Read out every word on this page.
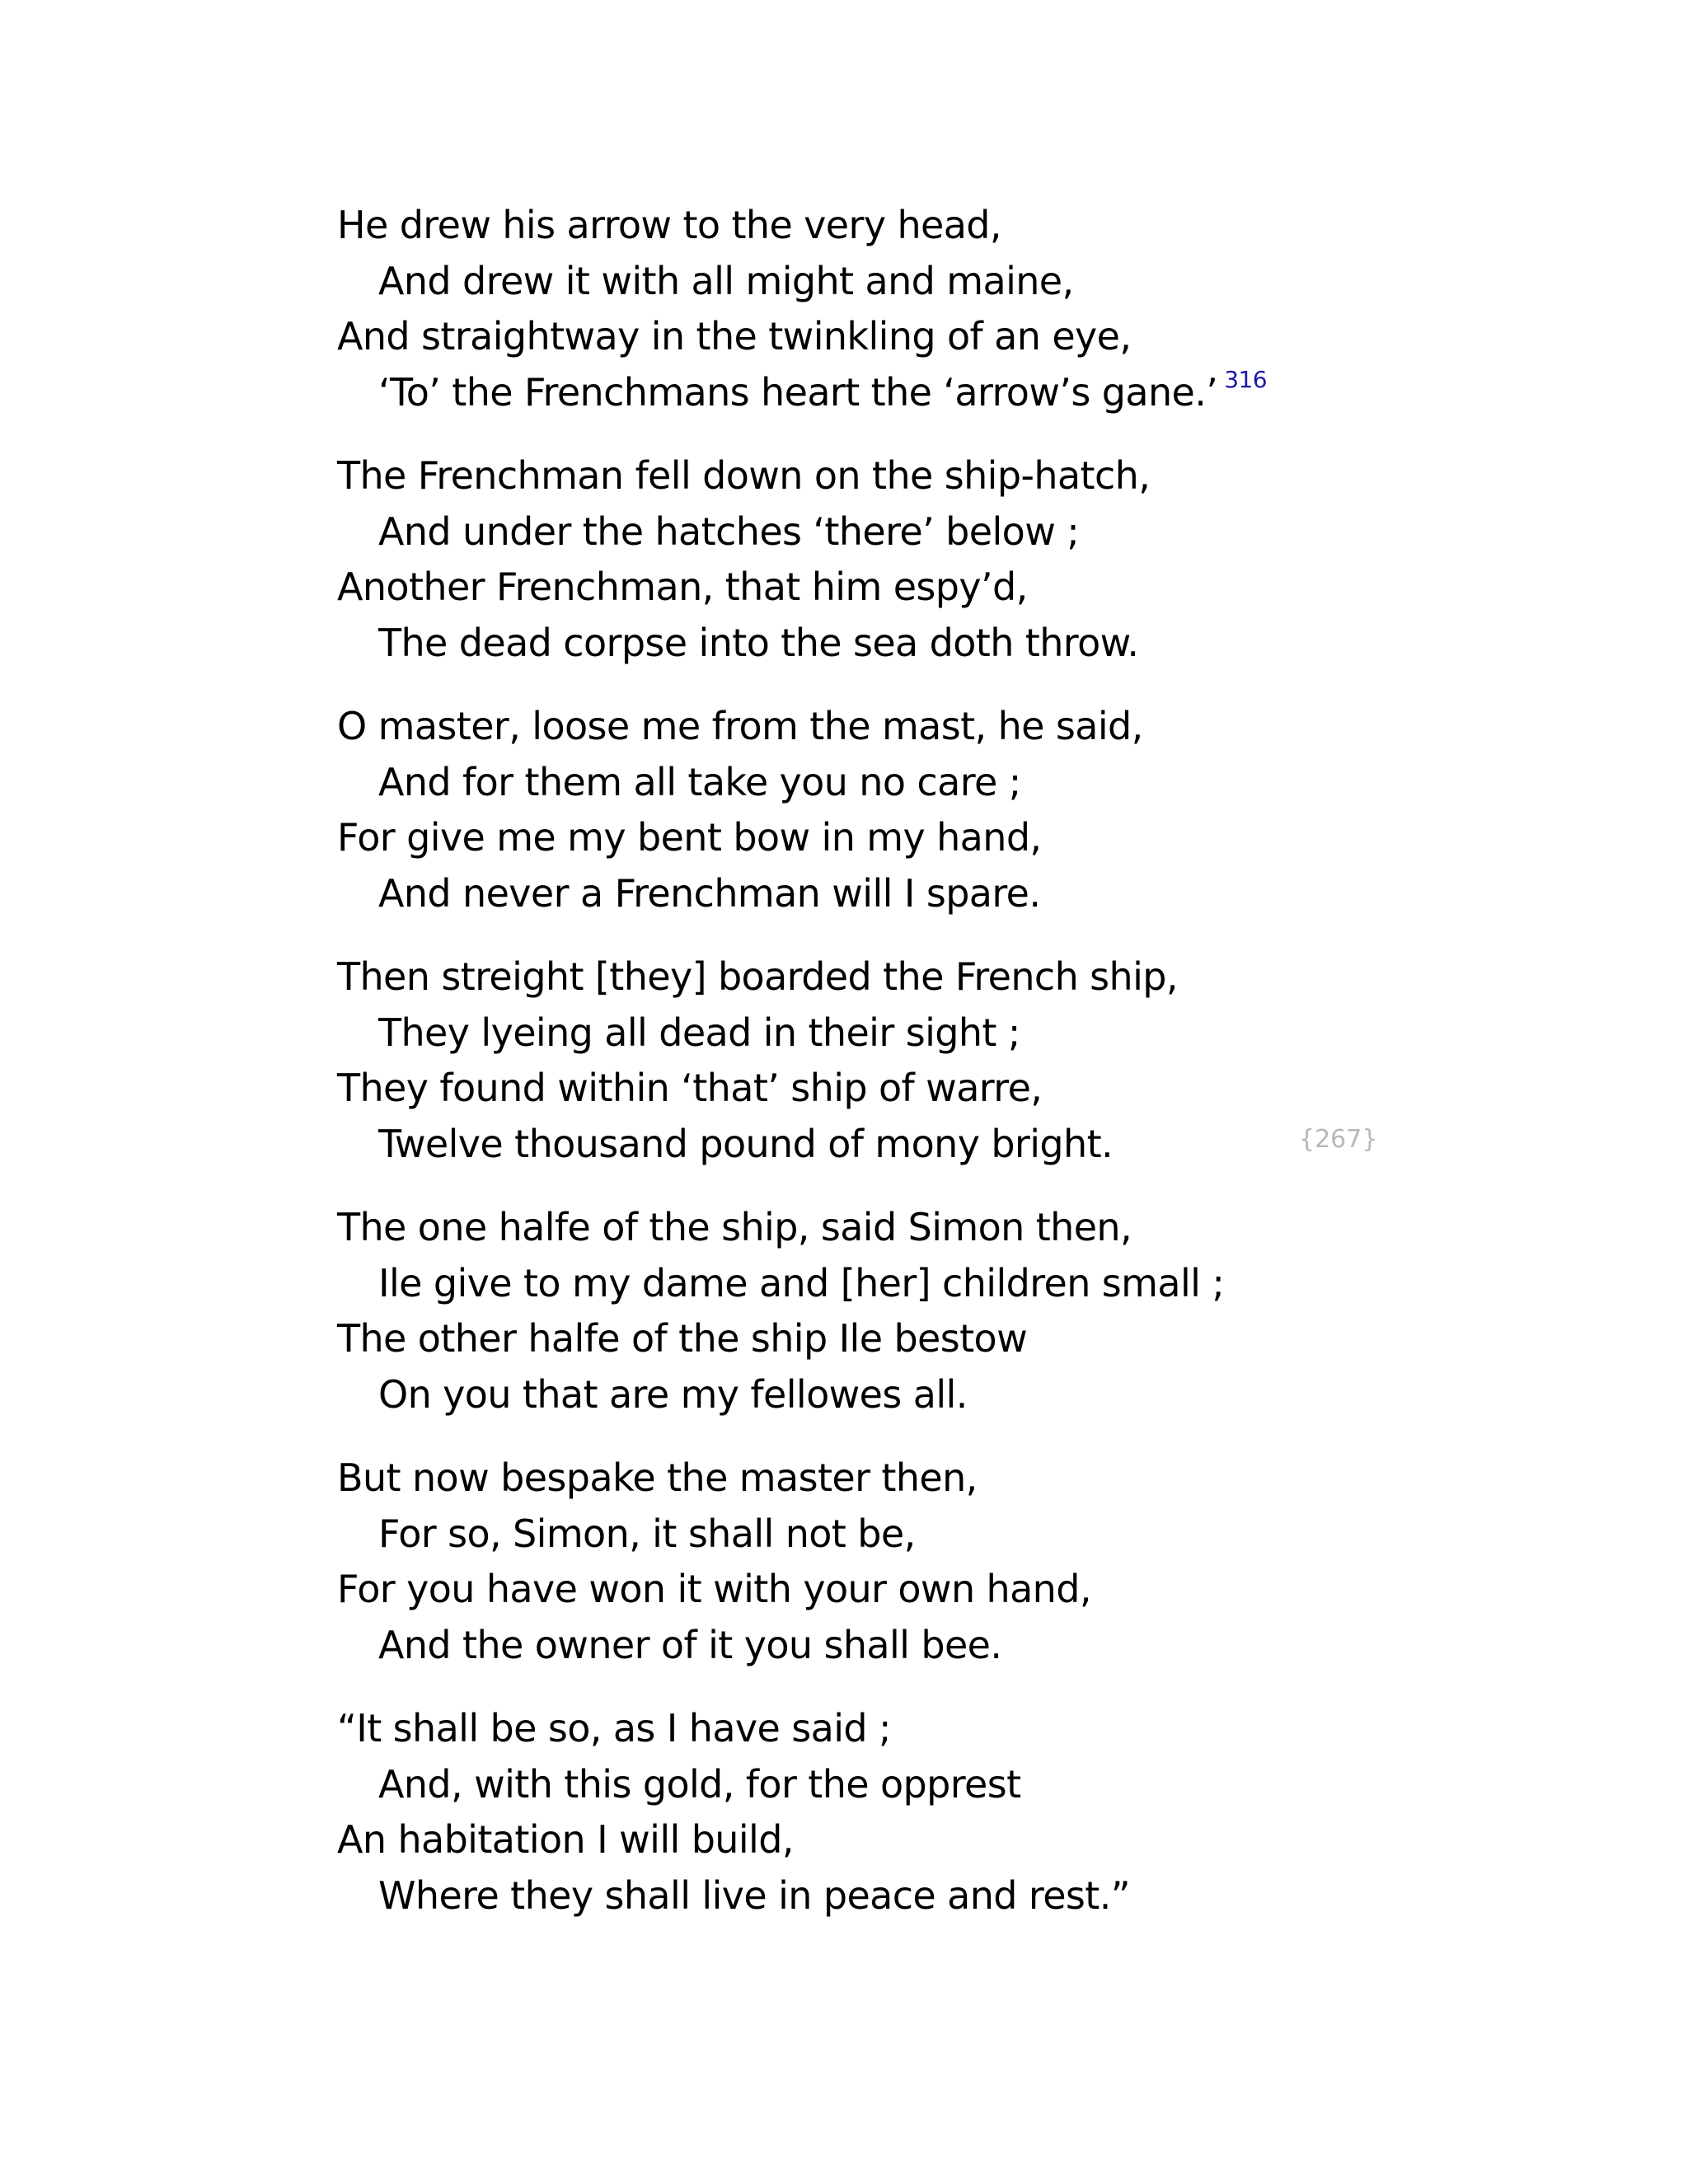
He drew his arrow to the very head,
And drew it with all might and maine,
And straightway in the twinkling of an eye,
‘To’ the Frenchmans heart the ‘arrow’s gane.’ $^{316}$
The Frenchman fell down on the ship-hatch,
And under the hatches ‘there’ below ;
Another Frenchman, that him espy’d,
The dead corpse into the sea doth throw.
O master, loose me from the mast, he said,
And for them all take you no care ;
For give me my bent bow in my hand,
And never a Frenchman will I spare.
Then streight [they] boarded the French ship,
They lyeing all dead in their sight ;
They found within ‘that’ ship of warre,
Twelve thousand pound of mony bright.
The one halfe of the ship, said Simon then,
Ile give to my dame and [her] children small ;
The other halfe of the ship Ile bestow
On you that are my fellowes all.
But now bespake the master then,
For so, Simon, it shall not be,
For you have won it with your own hand,
And the owner of it you shall bee.
“It shall be so, as I have said ;
And, with this gold, for the opprest
An habitation I will build,
Where they shall live in peace and rest.”
{267}
